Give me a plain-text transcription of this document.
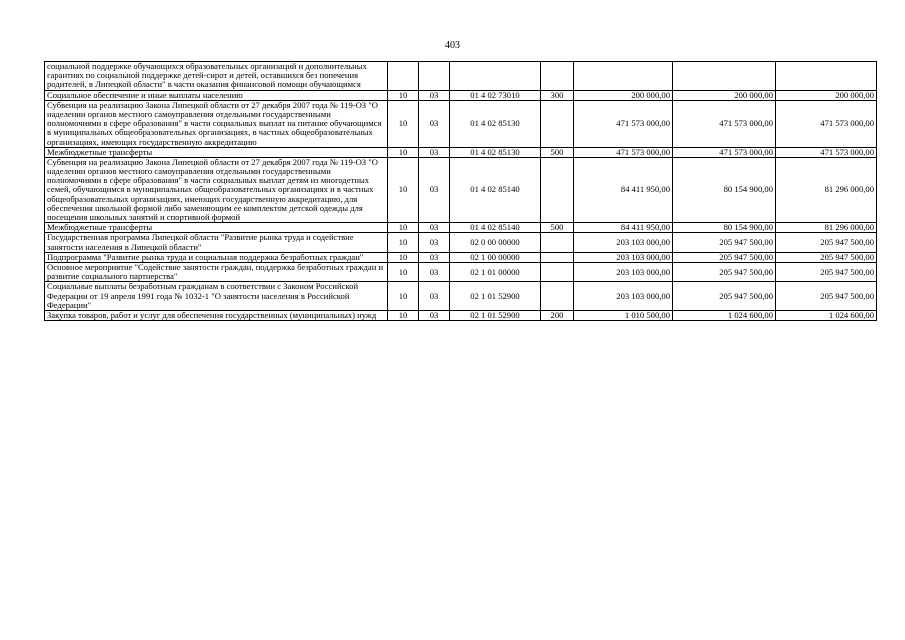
403
социальной поддержке обучающихся образовательных организаций и дополнительных гарантиях по социальной поддержке детей-сирот и детей, оставшихся без попечения родителей, в Липецкой области" в части оказания финансовой помощи обучающимся							
Социальное обеспечение и иные выплаты населению	10	03	01 4 02 73010	300	200 000,00	200 000,00	200 000,00
Субвенция на реализацию Закона Липецкой области от 27 декабря 2007 года № 119-ОЗ "О наделении органов местного самоуправления отдельными государственными полномочиями в сфере образования" в части социальных выплат на питание обучающимся в муниципальных общеобразовательных организациях, в частных общеобразовательных организациях, имеющих государственную аккредитацию	10	03	01 4 02 85130		471 573 000,00	471 573 000,00	471 573 000,00
Межбюджетные трансферты	10	03	01 4 02 85130	500	471 573 000,00	471 573 000,00	471 573 000,00
Субвенция на реализацию Закона Липецкой области от 27 декабря 2007 года № 119-ОЗ "О наделении органов местного самоуправления отдельными государственными полномочиями в сфере образования" в части социальных выплат детям из многодетных семей, обучающимся в муниципальных общеобразовательных организациях и в частных общеобразовательных организациях, имеющих государственную аккредитацию, для обеспечения школьной формой либо заменяющим ее комплектом детской одежды для посещения школьных занятий и спортивной формой	10	03	01 4 02 85140		84 411 950,00	80 154 900,00	81 296 000,00
Межбюджетные трансферты	10	03	01 4 02 85140	500	84 411 950,00	80 154 900,00	81 296 000,00
Государственная программа Липецкой области "Развитие рынка труда и содействие занятости населения в Липецкой области"	10	03	02 0 00 00000		203 103 000,00	205 947 500,00	205 947 500,00
Подпрограмма "Развитие рынка труда и социальная поддержка безработных граждан"	10	03	02 1 00 00000		203 103 000,00	205 947 500,00	205 947 500,00
Основное мероприятие "Содействие занятости граждан, поддержка безработных граждан и развитие социального партнерства"	10	03	02 1 01 00000		203 103 000,00	205 947 500,00	205 947 500,00
Социальные выплаты безработным гражданам в соответствии с Законом Российской Федерации от 19 апреля 1991 года № 1032-1 "О занятости населения в Российской Федерации"	10	03	02 1 01 52900		203 103 000,00	205 947 500,00	205 947 500,00
Закупка товаров, работ и услуг для обеспечения государственных (муниципальных) нужд	10	03	02 1 01 52900	200	1 010 500,00	1 024 600,00	1 024 600,00
